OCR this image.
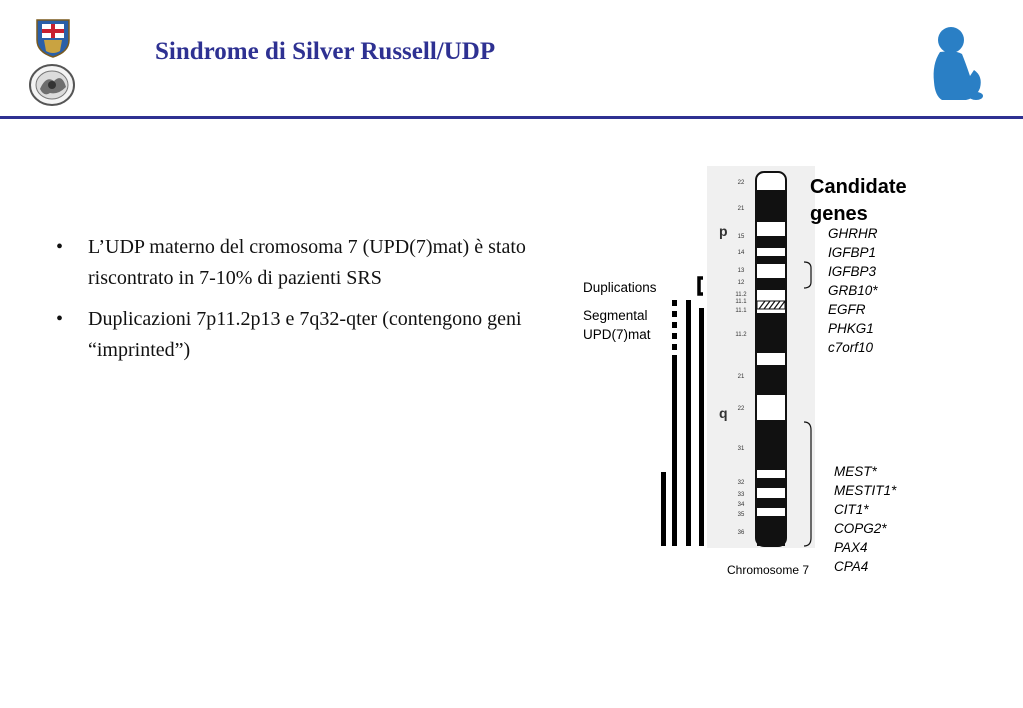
Sindrome di Silver Russell/UDP
• L’UDP materno del cromosoma 7 (UPD(7)mat) è stato riscontrato in 7-10% di pazienti SRS
• Duplicazioni 7p11.2p13 e 7q32-qter (contengono geni “imprinted”)
p
q
22
21
15
14
13
12
11.2
11.1
11.1
11.2
21
22
31
32
33
34
35
36
Candidate
genes
GHRHR
IGFBP1
IGFBP3
GRB10*
EGFR
PHKG1
c7orf10
MEST*
MESTIT1*
CIT1*
COPG2*
PAX4
CPA4
Duplications
Segmental
UPD(7)mat
Chromosome 7
